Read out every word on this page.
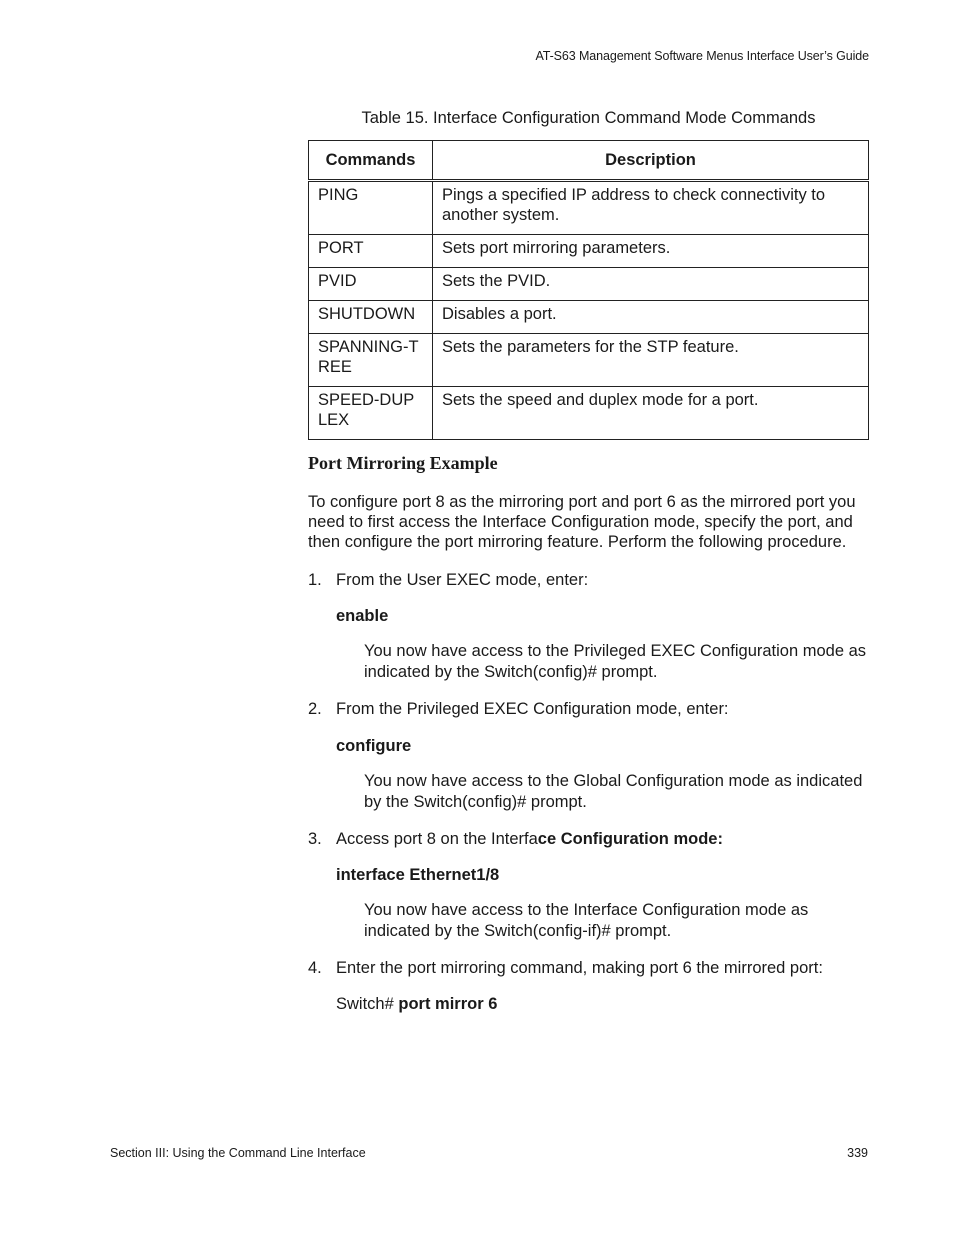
AT-S63 Management Software Menus Interface User’s Guide
Table 15. Interface Configuration Command Mode Commands
Commands	Description
PING	Pings a specified IP address to check connectivity to another system.
PORT	Sets port mirroring parameters.
PVID	Sets the PVID.
SHUTDOWN	Disables a port.
SPANNING-TREE	Sets the parameters for the STP feature.
SPEED-DUPLEX	Sets the speed and duplex mode for a port.
Port Mirroring Example
To configure port 8 as the mirroring port and port 6 as the mirrored port you need to first access the Interface Configuration mode, specify the port, and then configure the port mirroring feature. Perform the following procedure.
1. From the User EXEC mode, enter:
enable
You now have access to the Privileged EXEC Configuration mode as indicated by the Switch(config)# prompt.
2. From the Privileged EXEC Configuration mode, enter:
configure
You now have access to the Global Configuration mode as indicated by the Switch(config)# prompt.
3. Access port 8 on the Interface Configuration mode:
interface Ethernet1/8
You now have access to the Interface Configuration mode as indicated by the Switch(config-if)# prompt.
4. Enter the port mirroring command, making port 6 the mirrored port:
Switch# port mirror 6
Section III: Using the Command Line Interface	339
